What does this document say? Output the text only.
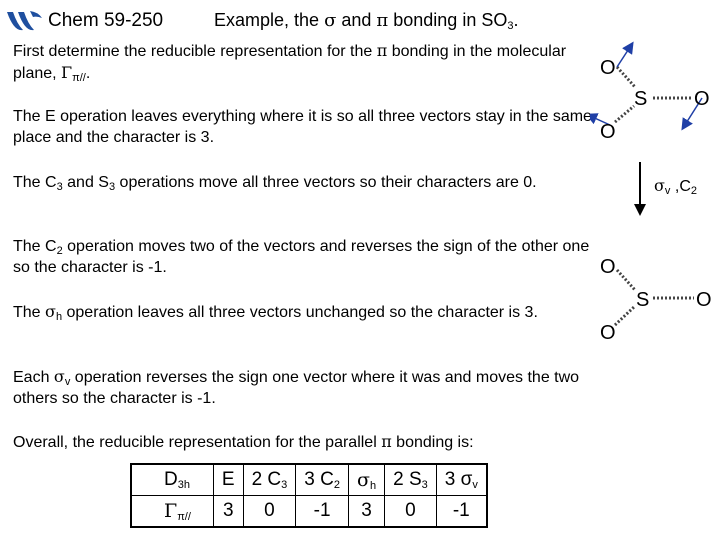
Chem 59-250	Example, the σ and π bonding in $SO_3$.
First determine the reducible representation for the π bonding in the molecular plane, $\Gamma_{\pi//}$.
The E operation leaves everything where it is so all three vectors stay in the same place and the character is 3.
The $C_3$ and $S_3$ operations move all three vectors so their characters are 0.
The $C_2$ operation moves two of the vectors and reverses the sign of the other one so the character is -1.
The $\sigma_h$ operation leaves all three vectors unchanged so the character is 3.
Each $\sigma_v$ operation reverses the sign one vector where it was and moves the two others so the character is -1.
Overall, the reducible representation for the parallel π bonding is:
O
S O
O
$\sigma_v$ $,C_2$
O
S O
O
$D_{3h}$	E	2 $C_3$	3 $C_2$	$\sigma_h$	2 $S_3$	3 $\sigma_v$
$\Gamma_{\pi//}$	3	0	-1	3	0	-1
